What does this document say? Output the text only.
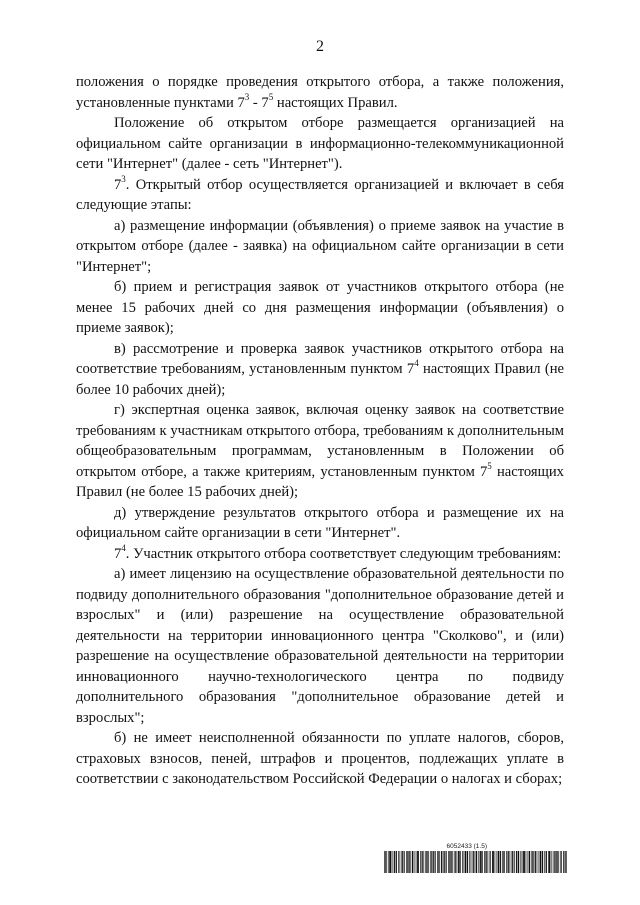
2

положения о порядке проведения открытого отбора, а также положения, установленные пунктами $7^3 - 7^5$ настоящих Правил.

Положение об открытом отборе размещается организацией на официальном сайте организации в информационно-телекоммуникационной сети "Интернет" (далее - сеть "Интернет").

$7^3$. Открытый отбор осуществляется организацией и включает в себя следующие этапы:

а) размещение информации (объявления) о приеме заявок на участие в открытом отборе (далее - заявка) на официальном сайте организации в сети "Интернет";

б) прием и регистрация заявок от участников открытого отбора (не менее 15 рабочих дней со дня размещения информации (объявления) о приеме заявок);

в) рассмотрение и проверка заявок участников открытого отбора на соответствие требованиям, установленным пунктом $7^4$ настоящих Правил (не более 10 рабочих дней);

г) экспертная оценка заявок, включая оценку заявок на соответствие требованиям к участникам открытого отбора, требованиям к дополнительным общеобразовательным программам, установленным в Положении об открытом отборе, а также критериям, установленным пунктом $7^5$ настоящих Правил (не более 15 рабочих дней);

д) утверждение результатов открытого отбора и размещение их на официальном сайте организации в сети "Интернет".

$7^4$. Участник открытого отбора соответствует следующим требованиям:

а) имеет лицензию на осуществление образовательной деятельности по подвиду дополнительного образования "дополнительное образование детей и взрослых" и (или) разрешение на осуществление образовательной деятельности на территории инновационного центра "Сколково", и (или) разрешение на осуществление образовательной деятельности на территории инновационного научно-технологического центра по подвиду дополнительного образования "дополнительное образование детей и взрослых";

б) не имеет неисполненной обязанности по уплате налогов, сборов, страховых взносов, пеней, штрафов и процентов, подлежащих уплате в соответствии с законодательством Российской Федерации о налогах и сборах;

6052433 (1.5)
